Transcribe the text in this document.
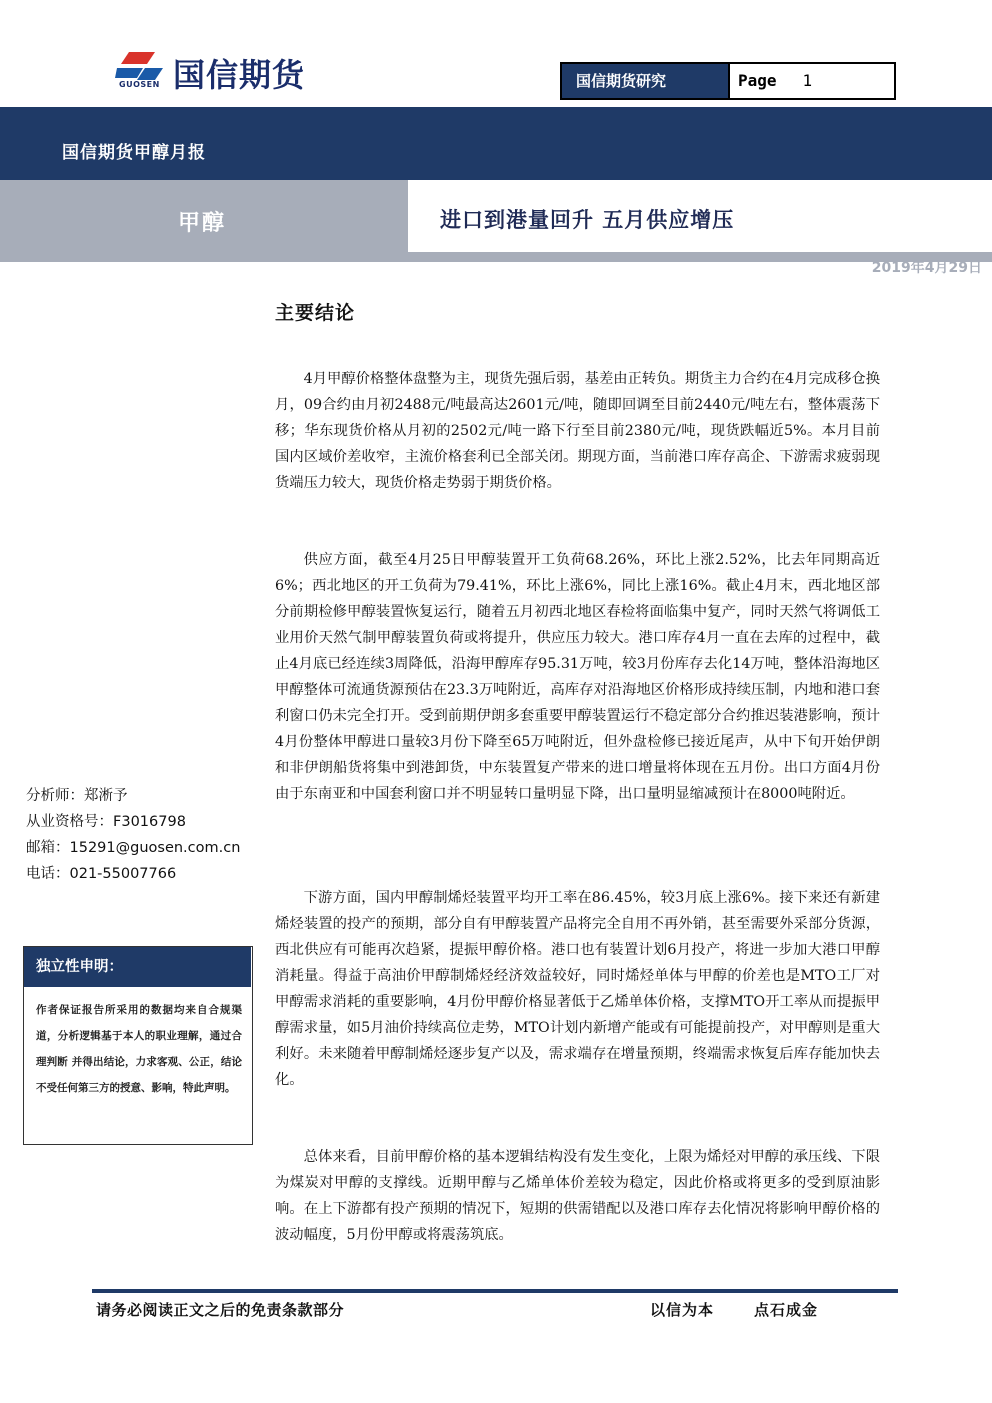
国信期货
GUOSEN	国信期货研究	Page 1
国信期货甲醇月报
甲醇	进口到港量回升 五月供应增压
2019年4月29日
主要结论
4月甲醇价格整体盘整为主，现货先强后弱，基差由正转负。期货主力合约在4月完成移仓换月，09合约由月初2488元/吨最高达2601元/吨，随即回调至目前2440元/吨左右，整体震荡下移；华东现货价格从月初的2502元/吨一路下行至目前2380元/吨，现货跌幅近5%。本月目前国内区域价差收窄，主流价格套利已全部关闭。期现方面，当前港口库存高企、下游需求疲弱现货端压力较大，现货价格走势弱于期货价格。
供应方面，截至4月25日甲醇装置开工负荷68.26%，环比上涨2.52%，比去年同期高近6%；西北地区的开工负荷为79.41%，环比上涨6%，同比上涨16%。截止4月末，西北地区部分前期检修甲醇装置恢复运行，随着五月初西北地区春检将面临集中复产，同时天然气将调低工业用价天然气制甲醇装置负荷或将提升，供应压力较大。港口库存4月一直在去库的过程中，截止4月底已经连续3周降低，沿海甲醇库存95.31万吨，较3月份库存去化14万吨，整体沿海地区甲醇整体可流通货源预估在23.3万吨附近，高库存对沿海地区价格形成持续压制，内地和港口套利窗口仍未完全打开。受到前期伊朗多套重要甲醇装置运行不稳定部分合约推迟装港影响，预计4月份整体甲醇进口量较3月份下降至65万吨附近，但外盘检修已接近尾声，从中下旬开始伊朗和非伊朗船货将集中到港卸货，中东装置复产带来的进口增量将体现在五月份。出口方面4月份由于东南亚和中国套利窗口并不明显转口量明显下降，出口量明显缩减预计在8000吨附近。
下游方面，国内甲醇制烯烃装置平均开工率在86.45%，较3月底上涨6%。接下来还有新建烯烃装置的投产的预期，部分自有甲醇装置产品将完全自用不再外销，甚至需要外采部分货源，西北供应有可能再次趋紧，提振甲醇价格。港口也有装置计划6月投产，将进一步加大港口甲醇消耗量。得益于高油价甲醇制烯烃经济效益较好，同时烯烃单体与甲醇的价差也是MTO工厂对甲醇需求消耗的重要影响，4月份甲醇价格显著低于乙烯单体价格，支撑MTO开工率从而提振甲醇需求量，如5月油价持续高位走势，MTO计划内新增产能或有可能提前投产，对甲醇则是重大利好。未来随着甲醇制烯烃逐步复产以及，需求端存在增量预期，终端需求恢复后库存能加快去化。
总体来看，目前甲醇价格的基本逻辑结构没有发生变化，上限为烯烃对甲醇的承压线、下限为煤炭对甲醇的支撑线。近期甲醇与乙烯单体价差较为稳定，因此价格或将更多的受到原油影响。在上下游都有投产预期的情况下，短期的供需错配以及港口库存去化情况将影响甲醇价格的波动幅度，5月份甲醇或将震荡筑底。
分析师：郑淅予
从业资格号：F3016798
邮箱：15291@guosen.com.cn
电话：021-55007766
独立性申明：
作者保证报告所采用的数据均来自合规渠道，分析逻辑基于本人的职业理解，通过合理判断 并得出结论，力求客观、公正，结论不受任何第三方的授意、影响，特此声明。
请务必阅读正文之后的免责条款部分	以信为本	点石成金
